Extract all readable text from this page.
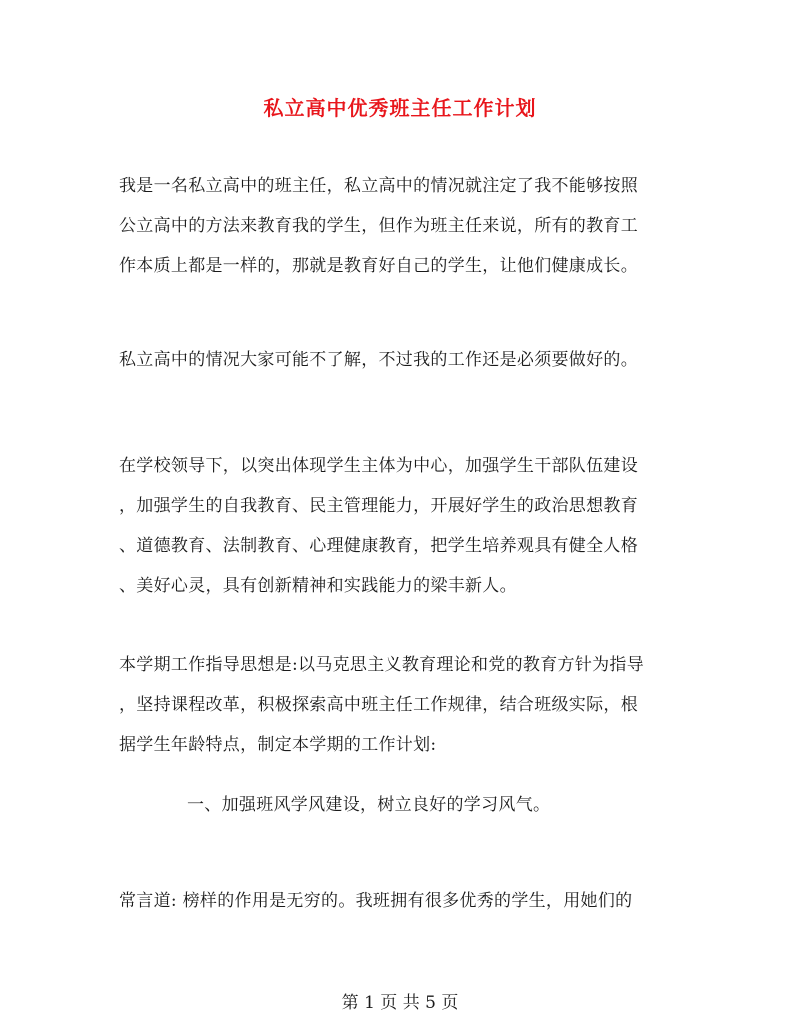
私立高中优秀班主任工作计划
我是一名私立高中的班主任，私立高中的情况就注定了我不能够按照
公立高中的方法来教育我的学生，但作为班主任来说，所有的教育工
作本质上都是一样的，那就是教育好自己的学生，让他们健康成长。
私立高中的情况大家可能不了解，不过我的工作还是必须要做好的。
在学校领导下，以突出体现学生主体为中心，加强学生干部队伍建设
，加强学生的自我教育、民主管理能力，开展好学生的政治思想教育
、道德教育、法制教育、心理健康教育，把学生培养观具有健全人格
、美好心灵，具有创新精神和实践能力的梁丰新人。
本学期工作指导思想是:以马克思主义教育理论和党的教育方针为指导
，坚持课程改革，积极探索高中班主任工作规律，结合班级实际，根
据学生年龄特点，制定本学期的工作计划:
一、加强班风学风建设，树立良好的学习风气。
常言道: 榜样的作用是无穷的。我班拥有很多优秀的学生，用她们的
第 1 页 共 5 页
